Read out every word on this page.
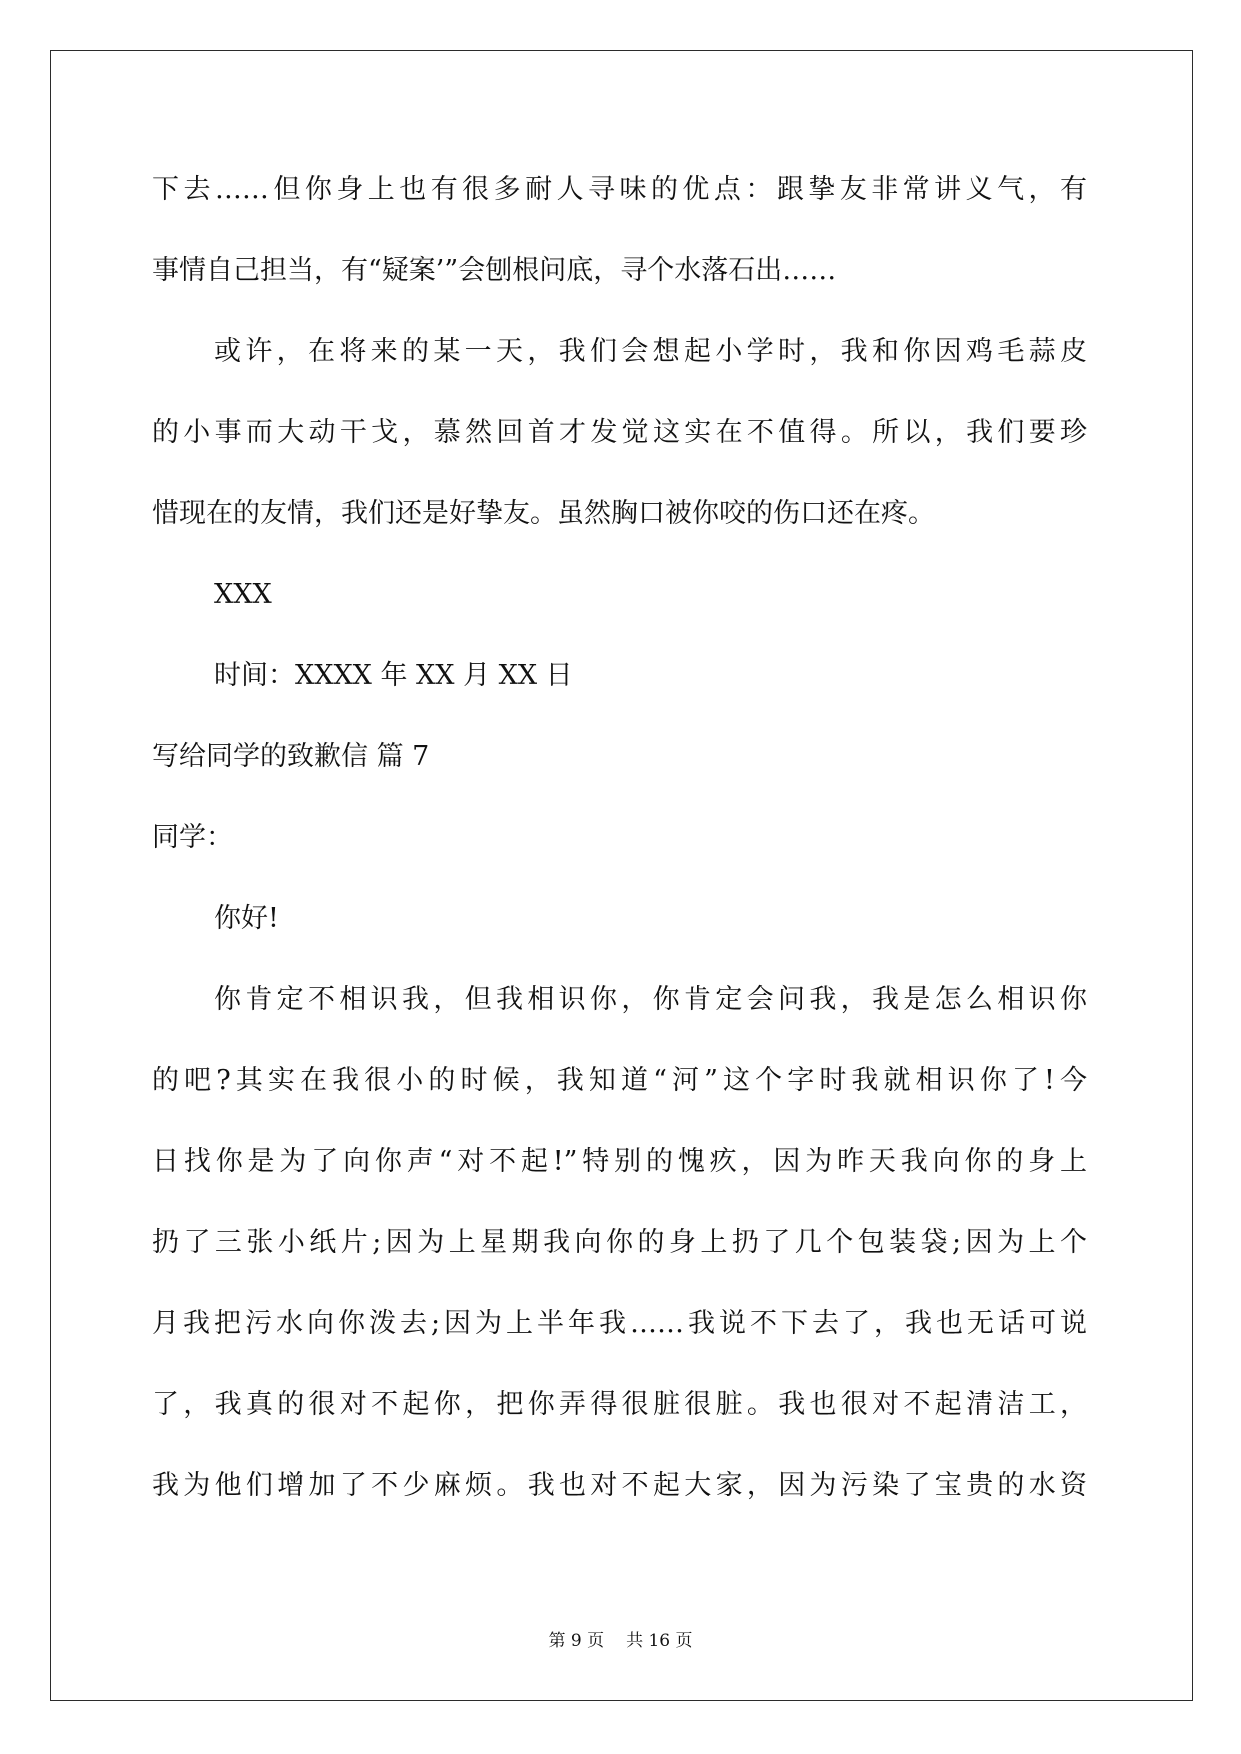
下去……但你身上也有很多耐人寻味的优点：跟挚友非常讲义气，有
事情自己担当，有“疑案’”会刨根问底，寻个水落石出……
或许，在将来的某一天，我们会想起小学时，我和你因鸡毛蒜皮
的小事而大动干戈，慕然回首才发觉这实在不值得。所以，我们要珍
惜现在的友情，我们还是好挚友。虽然胸口被你咬的伤口还在疼。
XXX
时间：XXXX 年 XX 月 XX 日
写给同学的致歉信 篇 7
同学：
你好!
你肯定不相识我，但我相识你，你肯定会问我，我是怎么相识你
的吧?其实在我很小的时候，我知道“河”这个字时我就相识你了!今
日找你是为了向你声“对不起!”特别的愧疚，因为昨天我向你的身上
扔了三张小纸片;因为上星期我向你的身上扔了几个包装袋;因为上个
月我把污水向你泼去;因为上半年我……我说不下去了，我也无话可说
了，我真的很对不起你，把你弄得很脏很脏。我也很对不起清洁工，
我为他们增加了不少麻烦。我也对不起大家，因为污染了宝贵的水资
第 9 页 共 16 页
